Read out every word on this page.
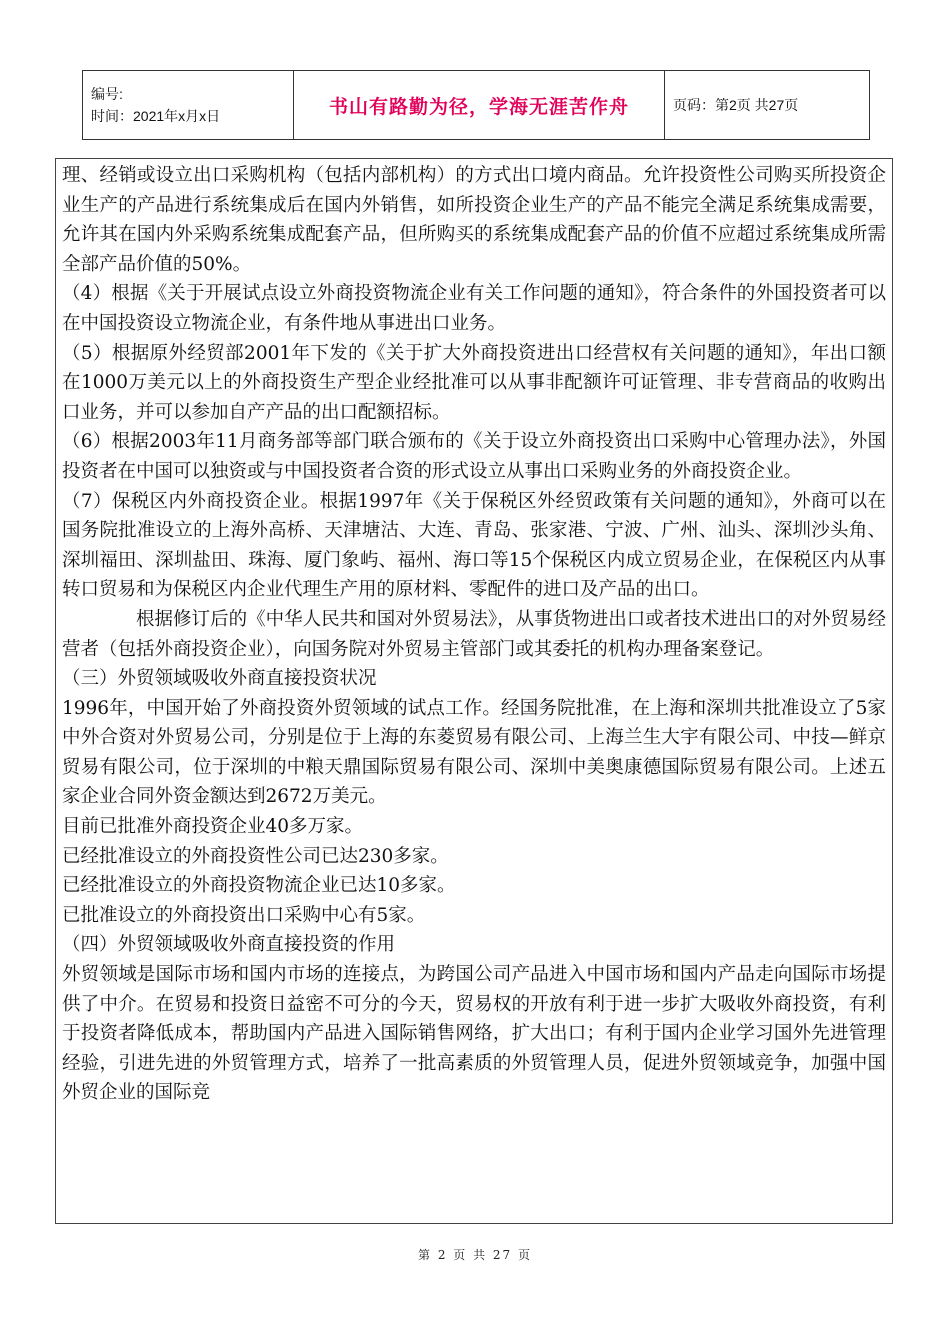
编号:
时间：2021年x月x日	书山有路勤为径，学海无涯苦作舟	页码：第2页 共27页

理、经销或设立出口采购机构（包括内部机构）的方式出口境内商品。允许投资性公司购买所投资企业生产的产品进行系统集成后在国内外销售，如所投资企业生产的产品不能完全满足系统集成需要，允许其在国内外采购系统集成配套产品，但所购买的系统集成配套产品的价值不应超过系统集成所需全部产品价值的50%。

（4）根据《关于开展试点设立外商投资物流企业有关工作问题的通知》，符合条件的外国投资者可以在中国投资设立物流企业，有条件地从事进出口业务。

（5）根据原外经贸部2001年下发的《关于扩大外商投资进出口经营权有关问题的通知》，年出口额在1000万美元以上的外商投资生产型企业经批准可以从事非配额许可证管理、非专营商品的收购出口业务，并可以参加自产产品的出口配额招标。

（6）根据2003年11月商务部等部门联合颁布的《关于设立外商投资出口采购中心管理办法》，外国投资者在中国可以独资或与中国投资者合资的形式设立从事出口采购业务的外商投资企业。

（7）保税区内外商投资企业。根据1997年《关于保税区外经贸政策有关问题的通知》，外商可以在国务院批准设立的上海外高桥、天津塘沽、大连、青岛、张家港、宁波、广州、汕头、深圳沙头角、深圳福田、深圳盐田、珠海、厦门象屿、福州、海口等15个保税区内成立贸易企业，在保税区内从事转口贸易和为保税区内企业代理生产用的原材料、零配件的进口及产品的出口。

根据修订后的《中华人民共和国对外贸易法》，从事货物进出口或者技术进出口的对外贸易经营者（包括外商投资企业），向国务院对外贸易主管部门或其委托的机构办理备案登记。

（三）外贸领域吸收外商直接投资状况

1996年，中国开始了外商投资外贸领域的试点工作。经国务院批准，在上海和深圳共批准设立了5家中外合资对外贸易公司，分别是位于上海的东菱贸易有限公司、上海兰生大宇有限公司、中技—鲜京贸易有限公司，位于深圳的中粮天鼎国际贸易有限公司、深圳中美奥康德国际贸易有限公司。上述五家企业合同外资金额达到2672万美元。

目前已批准外商投资企业40多万家。

已经批准设立的外商投资性公司已达230多家。

已经批准设立的外商投资物流企业已达10多家。

已批准设立的外商投资出口采购中心有5家。

（四）外贸领域吸收外商直接投资的作用

外贸领域是国际市场和国内市场的连接点，为跨国公司产品进入中国市场和国内产品走向国际市场提供了中介。在贸易和投资日益密不可分的今天，贸易权的开放有利于进一步扩大吸收外商投资，有利于投资者降低成本，帮助国内产品进入国际销售网络，扩大出口；有利于国内企业学习国外先进管理经验，引进先进的外贸管理方式，培养了一批高素质的外贸管理人员，促进外贸领域竞争，加强中国外贸企业的国际竞

第 2 页 共 27 页
